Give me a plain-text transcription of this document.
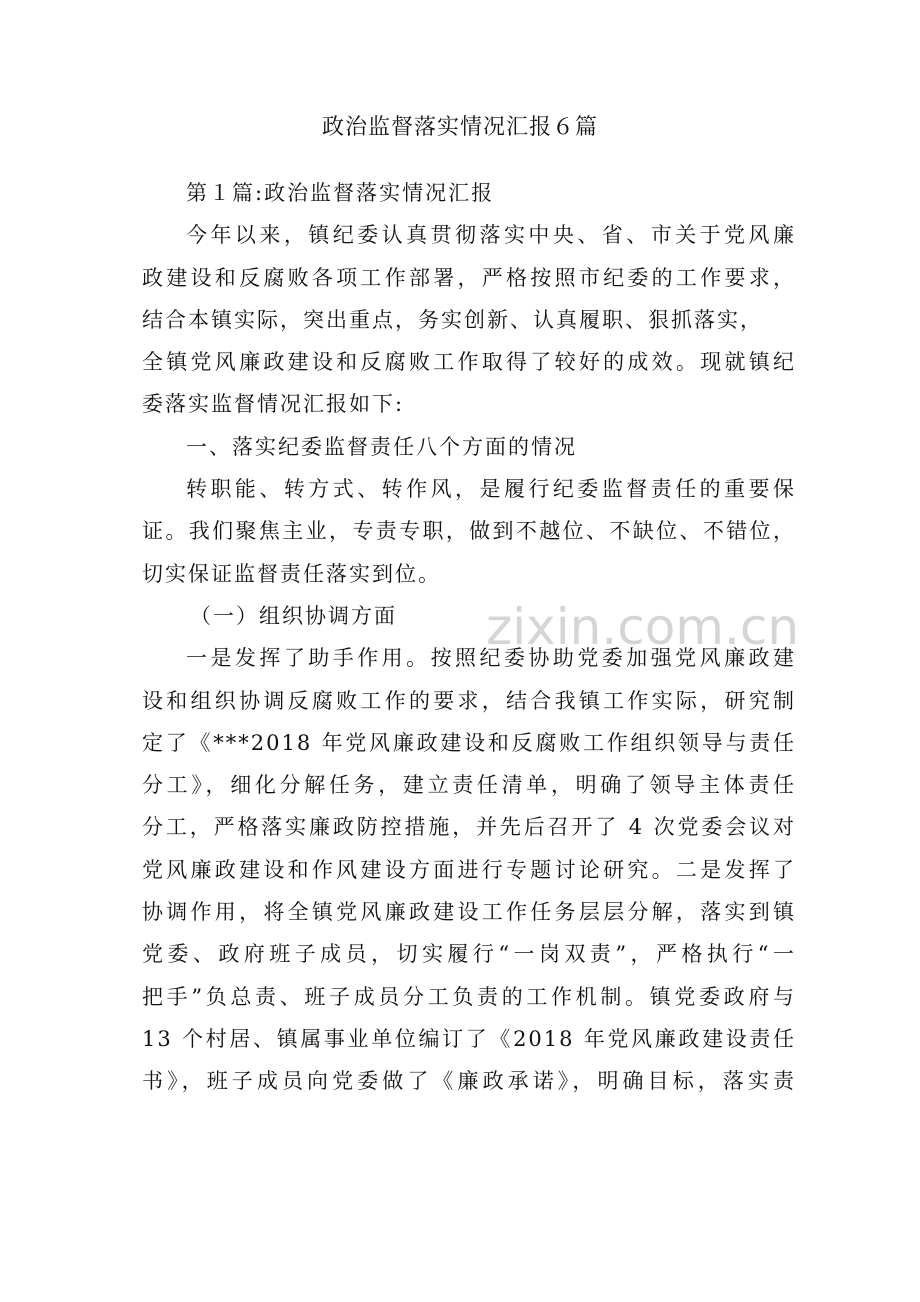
政治监督落实情况汇报６篇
第１篇:政治监督落实情况汇报
今年以来，镇纪委认真贯彻落实中央、省、市关于党风廉
政建设和反腐败各项工作部署，严格按照市纪委的工作要求，
结合本镇实际，突出重点，务实创新、认真履职、狠抓落实，
全镇党风廉政建设和反腐败工作取得了较好的成效。现就镇纪
委落实监督情况汇报如下:
一、落实纪委监督责任八个方面的情况
转职能、转方式、转作风，是履行纪委监督责任的重要保
证。我们聚焦主业，专责专职，做到不越位、不缺位、不错位，
切实保证监督责任落实到位。
（一）组织协调方面
一是发挥了助手作用。按照纪委协助党委加强党风廉政建
设和组织协调反腐败工作的要求，结合我镇工作实际，研究制
定了《***2018 年党风廉政建设和反腐败工作组织领导与责任
分工》，细化分解任务，建立责任清单，明确了领导主体责任
分工，严格落实廉政防控措施，并先后召开了 4 次党委会议对
党风廉政建设和作风建设方面进行专题讨论研究。二是发挥了
协调作用，将全镇党风廉政建设工作任务层层分解，落实到镇
党委、政府班子成员，切实履行“一岗双责”，严格执行“一
把手”负总责、班子成员分工负责的工作机制。镇党委政府与
13 个村居、镇属事业单位编订了《2018 年党风廉政建设责任
书》，班子成员向党委做了《廉政承诺》，明确目标，落实责
zixin.com.cn
